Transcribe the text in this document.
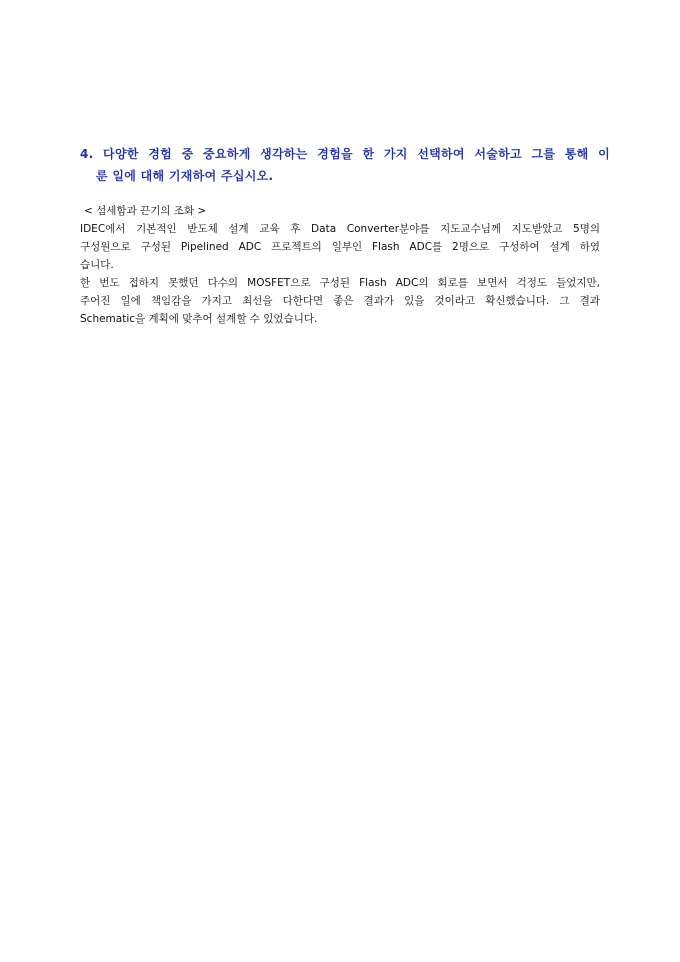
4. 다양한 경험 중 중요하게 생각하는 경험을 한 가지 선택하여 서술하고 그를 통해 이
룬 일에 대해 기재하여 주십시오.
< 섬세함과 끈기의 조화 >
IDEC에서 기본적인 반도체 설계 교육 후 Data Converter분야를 지도교수님께 지도받았고 5명의
구성원으로 구성된 Pipelined ADC 프로젝트의 일부인 Flash ADC를 2명으로 구성하여 설계 하였
습니다.
한 번도 접하지 못했던 다수의 MOSFET으로 구성된 Flash ADC의 회로를 보면서 걱정도 들었지만,
주어진 일에 책임감을 가지고 최선을 다한다면 좋은 결과가 있을 것이라고 확신했습니다. 그 결과
Schematic을 계획에 맞추어 설계할 수 있었습니다.
